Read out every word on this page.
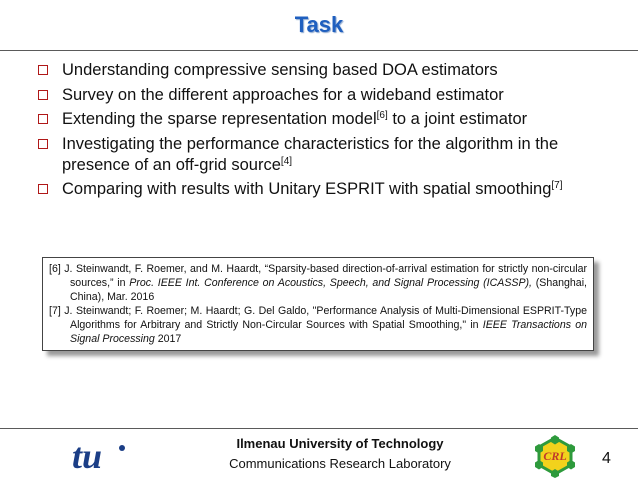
Task
Understanding compressive sensing based DOA estimators
Survey on the different approaches for a wideband estimator
Extending the sparse representation model[6] to a joint estimator
Investigating the performance characteristics for the algorithm in the presence of an off-grid source[4]
Comparing with results with Unitary ESPRIT with spatial smoothing[7]
[6] J. Steinwandt, F. Roemer, and M. Haardt, “Sparsity-based direction-of-arrival estimation for strictly non-circular sources,” in Proc. IEEE Int. Conference on Acoustics, Speech, and Signal Processing (ICASSP), (Shanghai, China), Mar. 2016
[7] J. Steinwandt; F. Roemer; M. Haardt; G. Del Galdo, "Performance Analysis of Multi-Dimensional ESPRIT-Type Algorithms for Arbitrary and Strictly Non-Circular Sources with Spatial Smoothing," in IEEE Transactions on Signal Processing 2017
tu	Ilmenau University of Technology
Communications Research Laboratory	CRL 4
